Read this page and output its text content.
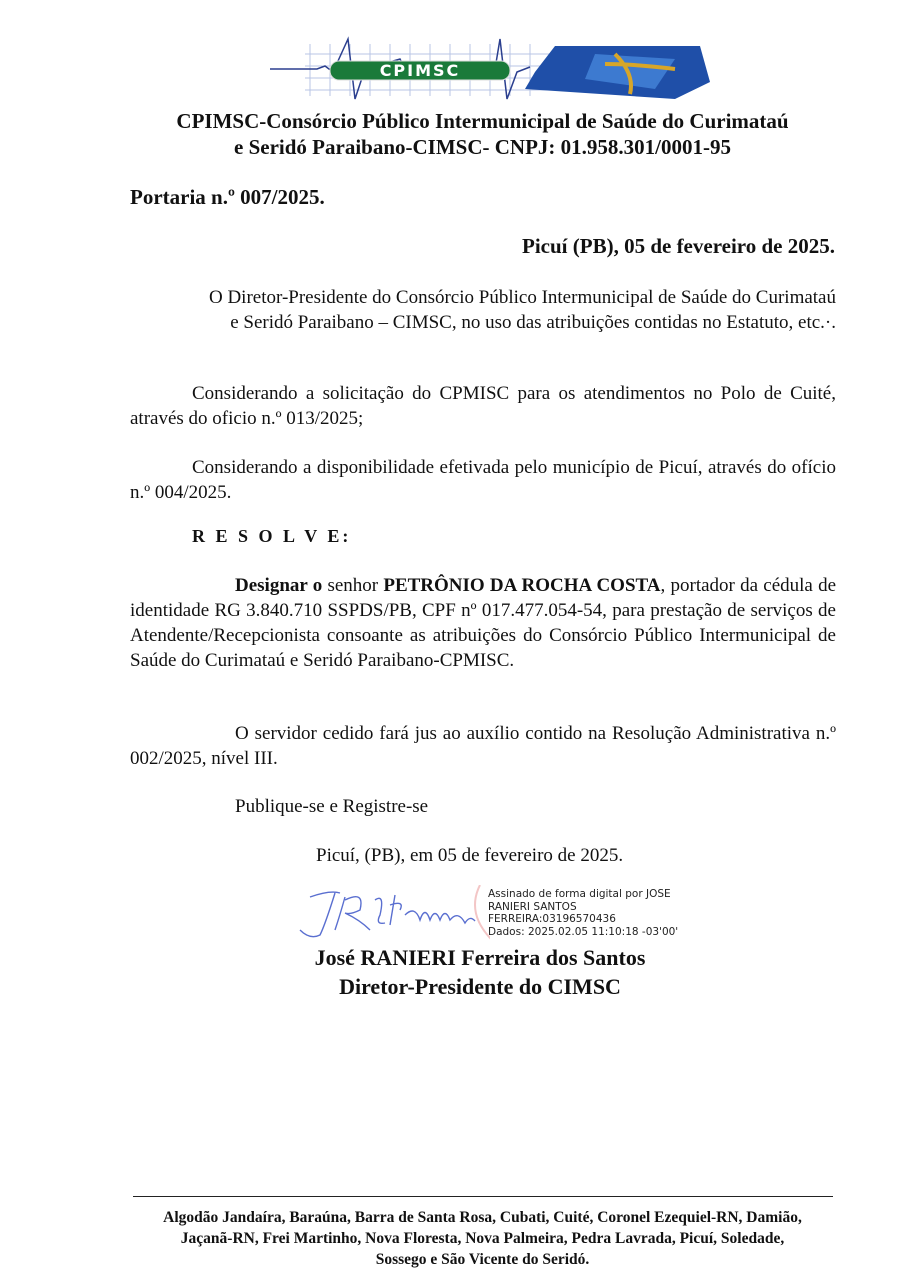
CPIMSC
CPIMSC-Consórcio Público Intermunicipal de Saúde do Curimataú
e Seridó Paraibano-CIMSC- CNPJ: 01.958.301/0001-95
Portaria n.º 007/2025.
Picuí (PB), 05 de fevereiro de 2025.
O Diretor-Presidente do Consórcio Público Intermunicipal de Saúde do Curimataú e Seridó Paraibano – CIMSC, no uso das atribuições contidas no Estatuto, etc.·.
Considerando a solicitação do CPMISC para os atendimentos no Polo de Cuité, através do oficio n.º 013/2025;
Considerando a disponibilidade efetivada pelo município de Picuí, através do ofício n.º 004/2025.
R E S O L V E:
Designar o senhor PETRÔNIO DA ROCHA COSTA, portador da cédula de identidade RG 3.840.710 SSPDS/PB, CPF nº 017.477.054-54, para prestação de serviços de Atendente/Recepcionista consoante as atribuições do Consórcio Público Intermunicipal de Saúde do Curimataú e Seridó Paraibano-CPMISC.
O servidor cedido fará jus ao auxílio contido na Resolução Administrativa n.º 002/2025, nível III.
Publique-se e Registre-se
Picuí, (PB), em 05 de fevereiro de 2025.
Assinado de forma digital por JOSE
RANIERI SANTOS
FERREIRA:03196570436
Dados: 2025.02.05 11:10:18 -03'00'
José RANIERI Ferreira dos Santos
Diretor-Presidente do CIMSC
Algodão Jandaíra, Baraúna, Barra de Santa Rosa, Cubati, Cuité, Coronel Ezequiel-RN, Damião,
Jaçanã-RN, Frei Martinho, Nova Floresta, Nova Palmeira, Pedra Lavrada, Picuí, Soledade,
Sossego e São Vicente do Seridó.
